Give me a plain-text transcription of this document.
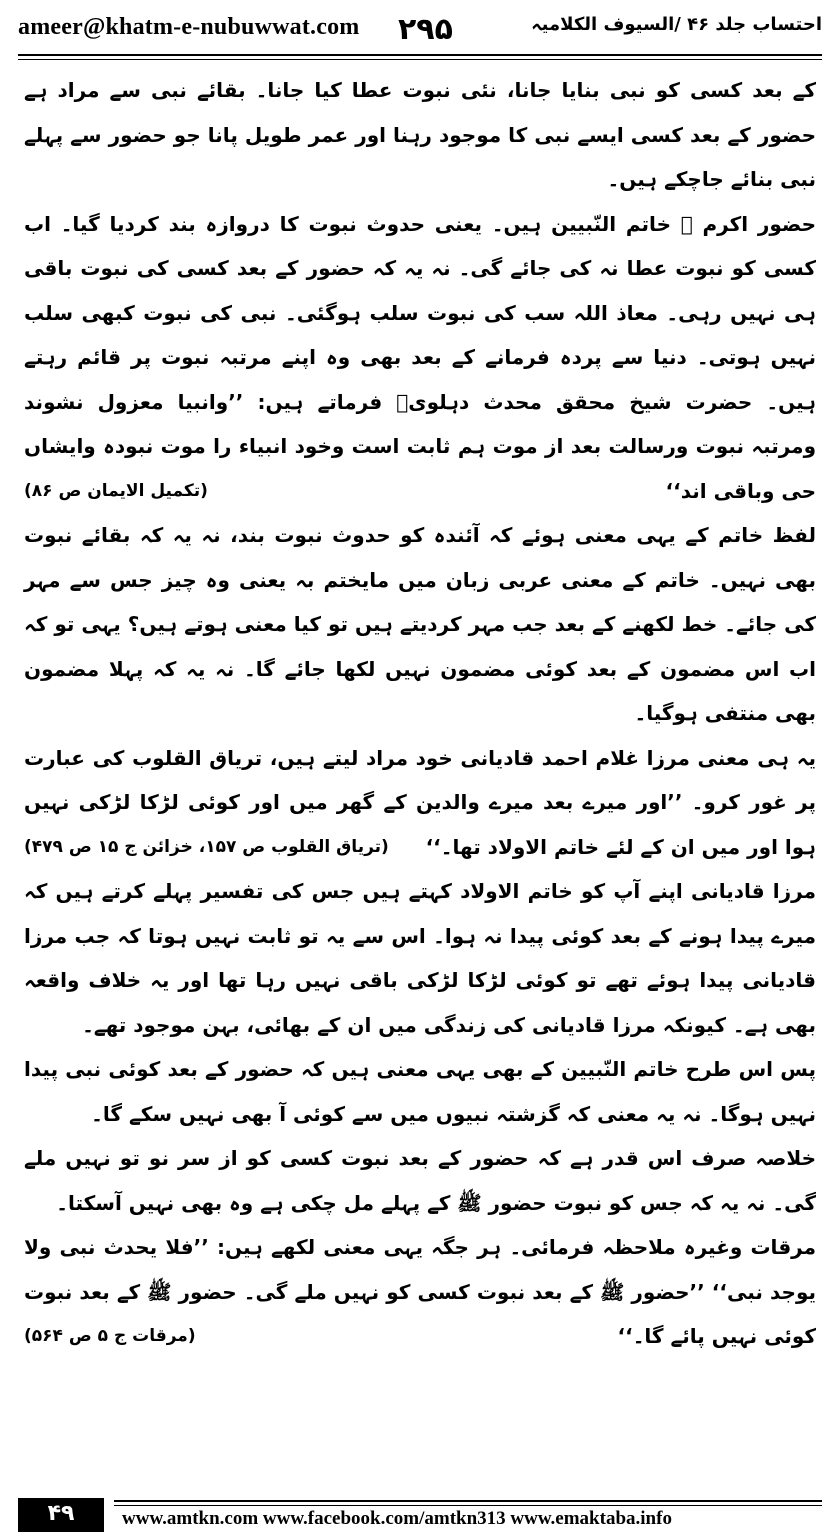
ameer@khatm-e-nubuwwat.com ۲۹۵	احتساب جلد ۴۶ /السیوف الکلامیہ

کے بعد کسی کو نبی بنایا جانا، نئی نبوت عطا کیا جانا۔ بقائے نبی سے مراد ہے حضور کے بعد کسی ایسے نبی کا موجود رہنا اور عمر طویل پانا جو حضور سے پہلے نبی بنائے جاچکے ہیں۔

حضور اکرم ﷺ خاتم النّبیین ہیں۔ یعنی حدوث نبوت کا دروازہ بند کردیا گیا۔ اب کسی کو نبوت عطا نہ کی جائے گی۔ نہ یہ کہ حضور کے بعد کسی کی نبوت باقی ہی نہیں رہی۔ معاذ اللہ سب کی نبوت سلب ہوگئی۔ نبی کی نبوت کبھی سلب نہیں ہوتی۔ دنیا سے پردہ فرمانے کے بعد بھی وہ اپنے مرتبہ نبوت پر قائم رہتے ہیں۔ حضرت شیخ محقق محدث دہلویؒ فرماتے ہیں: ’’وانبیا معزول نشوند ومرتبہ نبوت ورسالت بعد از موت ہم ثابت است وخود انبیاء را موت نبودہ وایشاں حی وباقی اند‘‘
(تکمیل الایمان ص ۸۶)

لفظ خاتم کے یہی معنی ہوئے کہ آئندہ کو حدوث نبوت بند، نہ یہ کہ بقائے نبوت بھی نہیں۔ خاتم کے معنی عربی زبان میں مایختم بہ یعنی وہ چیز جس سے مہر کی جائے۔ خط لکھنے کے بعد جب مہر کردیتے ہیں تو کیا معنی ہوتے ہیں؟ یہی تو کہ اب اس مضمون کے بعد کوئی مضمون نہیں لکھا جائے گا۔ نہ یہ کہ پہلا مضمون بھی منتفی ہوگیا۔

یہ ہی معنی مرزا غلام احمد قادیانی خود مراد لیتے ہیں، تریاق القلوب کی عبارت پر غور کرو۔ ’’اور میرے بعد میرے والدین کے گھر میں اور کوئی لڑکا لڑکی نہیں ہوا اور میں ان کے لئے خاتم الاولاد تھا۔‘‘
(تریاق القلوب ص ۱۵۷، خزائن ج ۱۵ ص ۴۷۹)

مرزا قادیانی اپنے آپ کو خاتم الاولاد کہتے ہیں جس کی تفسیر پہلے کرتے ہیں کہ میرے پیدا ہونے کے بعد کوئی پیدا نہ ہوا۔ اس سے یہ تو ثابت نہیں ہوتا کہ جب مرزا قادیانی پیدا ہوئے تھے تو کوئی لڑکا لڑکی باقی نہیں رہا تھا اور یہ خلاف واقعہ بھی ہے۔ کیونکہ مرزا قادیانی کی زندگی میں ان کے بھائی، بہن موجود تھے۔

پس اس طرح خاتم النّبیین کے بھی یہی معنی ہیں کہ حضور کے بعد کوئی نبی پیدا نہیں ہوگا۔ نہ یہ معنی کہ گزشتہ نبیوں میں سے کوئی آ بھی نہیں سکے گا۔

خلاصہ صرف اس قدر ہے کہ حضور کے بعد نبوت کسی کو از سر نو تو نہیں ملے گی۔ نہ یہ کہ جس کو نبوت حضور ﷺ کے پہلے مل چکی ہے وہ بھی نہیں آسکتا۔

مرقات وغیرہ ملاحظہ فرمائی۔ ہر جگہ یہی معنی لکھے ہیں: ’’فلا یحدث نبی ولا یوجد نبی‘‘ ’’حضور ﷺ کے بعد نبوت کسی کو نہیں ملے گی۔ حضور ﷺ کے بعد نبوت کوئی نہیں پائے گا۔‘‘
(مرقات ج ۵ ص ۵۶۴)

۴۹	www.amtkn.com www.facebook.com/amtkn313 www.emaktaba.info
